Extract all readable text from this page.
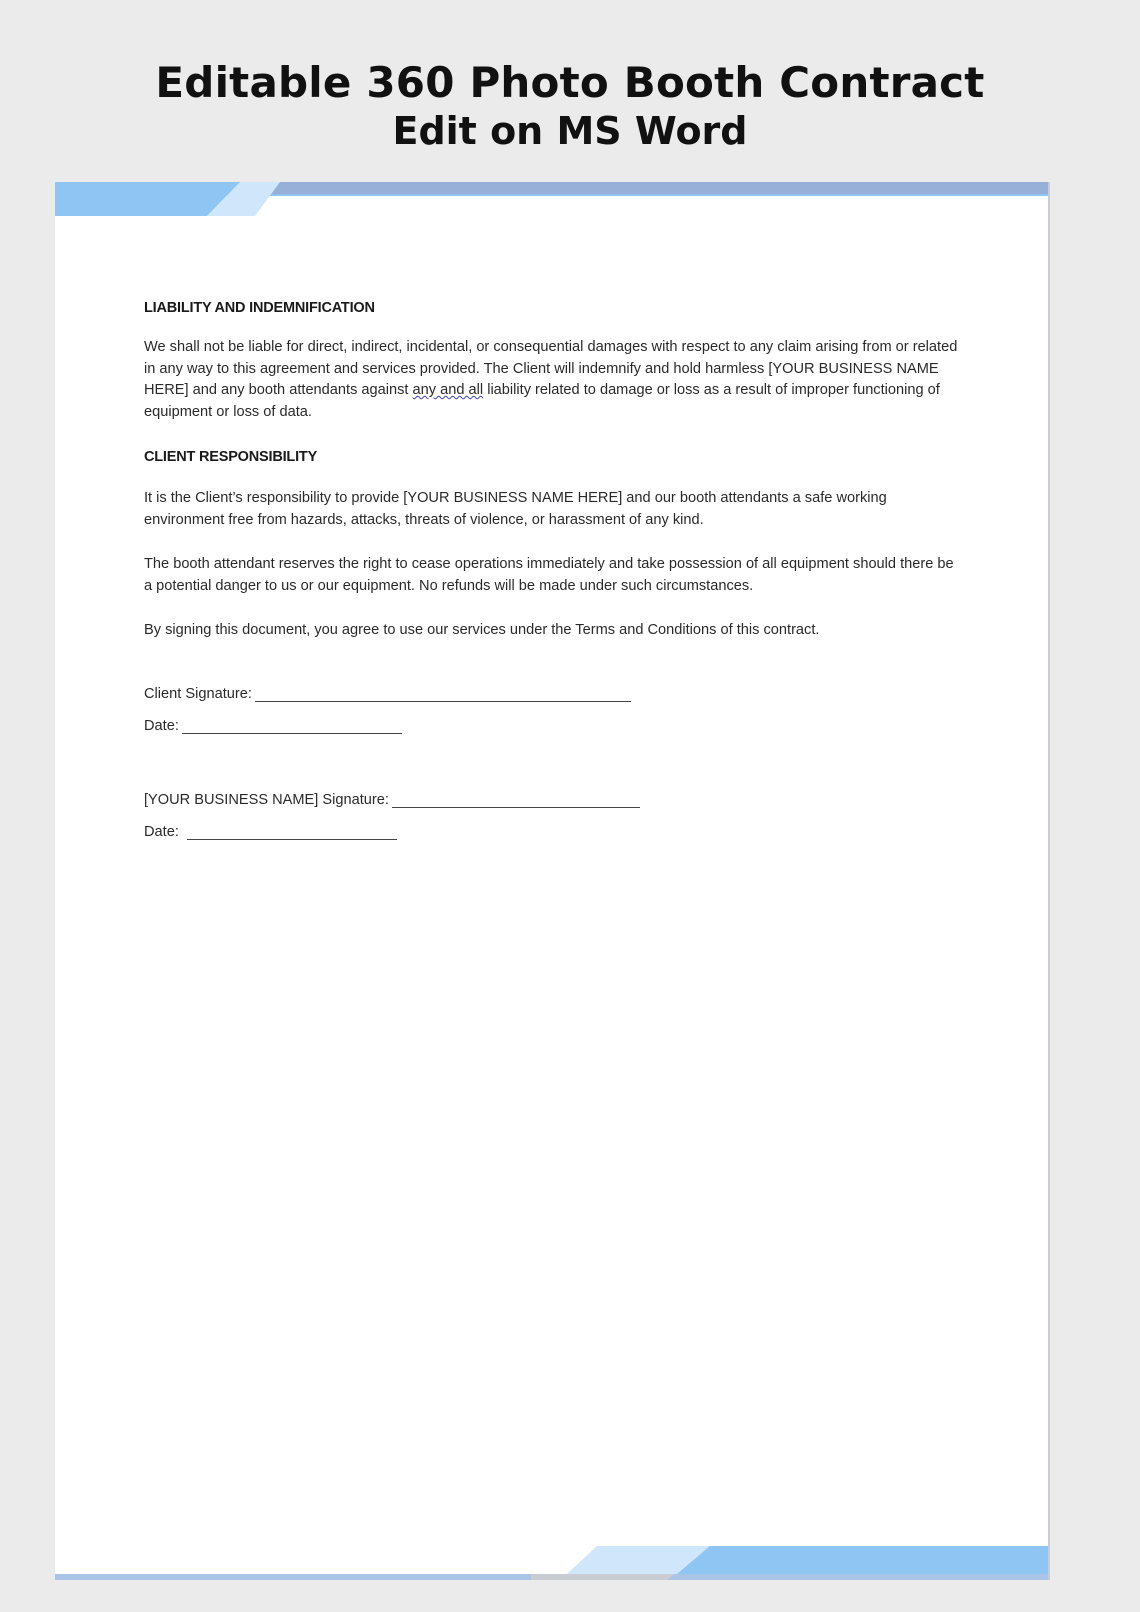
Editable 360 Photo Booth Contract
Edit on MS Word

LIABILITY AND INDEMNIFICATION

We shall not be liable for direct, indirect, incidental, or consequential damages with respect to any claim arising from or related in any way to this agreement and services provided. The Client will indemnify and hold harmless [YOUR BUSINESS NAME HERE] and any booth attendants against any and all liability related to damage or loss as a result of improper functioning of equipment or loss of data.

CLIENT RESPONSIBILITY

It is the Client’s responsibility to provide [YOUR BUSINESS NAME HERE] and our booth attendants a safe working environment free from hazards, attacks, threats of violence, or harassment of any kind.

The booth attendant reserves the right to cease operations immediately and take possession of all equipment should there be a potential danger to us or our equipment. No refunds will be made under such circumstances.

By signing this document, you agree to use our services under the Terms and Conditions of this contract.

Client Signature:
Date:
[YOUR BUSINESS NAME] Signature:
Date:
